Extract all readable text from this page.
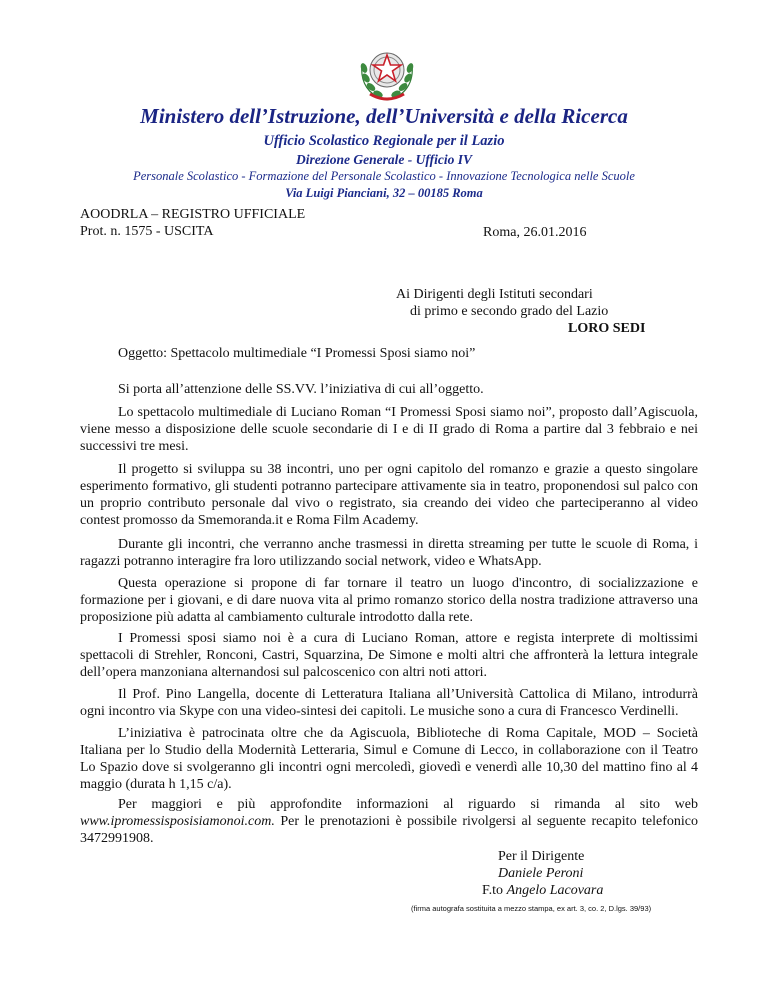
Ministero dell’Istruzione, dell’Università e della Ricerca
Ufficio Scolastico Regionale per il Lazio
Direzione Generale - Ufficio IV
Personale Scolastico - Formazione del Personale Scolastico - Innovazione Tecnologica nelle Scuole
Via Luigi Pianciani, 32 – 00185 Roma
AOODRLA – REGISTRO UFFICIALE
Prot. n. 1575 - USCITA	Roma, 26.01.2016
Ai Dirigenti degli Istituti secondari
di primo e secondo grado del Lazio
LORO SEDI
Oggetto: Spettacolo multimediale “I Promessi Sposi siamo noi”
Si porta all’attenzione delle SS.VV. l’iniziativa di cui all’oggetto.
Lo spettacolo multimediale di Luciano Roman “I Promessi Sposi siamo noi”, proposto dall’Agiscuola, viene messo a disposizione delle scuole secondarie di I e di II grado di Roma a partire dal 3 febbraio e nei successivi tre mesi.
Il progetto si sviluppa su 38 incontri, uno per ogni capitolo del romanzo e grazie a questo singolare esperimento formativo, gli studenti potranno partecipare attivamente sia in teatro, proponendosi sul palco con un proprio contributo personale dal vivo o registrato, sia creando dei video che parteciperanno al video contest promosso da Smemoranda.it e Roma Film Academy.
Durante gli incontri, che verranno anche trasmessi in diretta streaming per tutte le scuole di Roma, i ragazzi potranno interagire fra loro utilizzando social network, video e WhatsApp.
Questa operazione si propone di far tornare il teatro un luogo d'incontro, di socializzazione e formazione per i giovani, e di dare nuova vita al primo romanzo storico della nostra tradizione attraverso una proposizione più adatta al cambiamento culturale introdotto dalla rete.
I Promessi sposi siamo noi è a cura di Luciano Roman, attore e regista interprete di moltissimi spettacoli di Strehler, Ronconi, Castri, Squarzina, De Simone e molti altri che affronterà la lettura integrale dell’opera manzoniana alternandosi sul palcoscenico con altri noti attori.
Il Prof. Pino Langella, docente di Letteratura Italiana all’Università Cattolica di Milano, introdurrà ogni incontro via Skype con una video-sintesi dei capitoli. Le musiche sono a cura di Francesco Verdinelli.
L’iniziativa è patrocinata oltre che da Agiscuola, Biblioteche di Roma Capitale, MOD – Società Italiana per lo Studio della Modernità Letteraria, Simul e Comune di Lecco, in collaborazione con il Teatro Lo Spazio dove si svolgeranno gli incontri ogni mercoledì, giovedì e venerdì alle 10,30 del mattino fino al 4 maggio (durata h 1,15 c/a).
Per maggiori e più approfondite informazioni al riguardo si rimanda al sito web www.ipromessisposisiamonoi.com. Per le prenotazioni è possibile rivolgersi al seguente recapito telefonico 3472991908.
Per il Dirigente
Daniele Peroni
F.to Angelo Lacovara
(firma autografa sostituita a mezzo stampa, ex art. 3, co. 2, D.lgs. 39/93)
